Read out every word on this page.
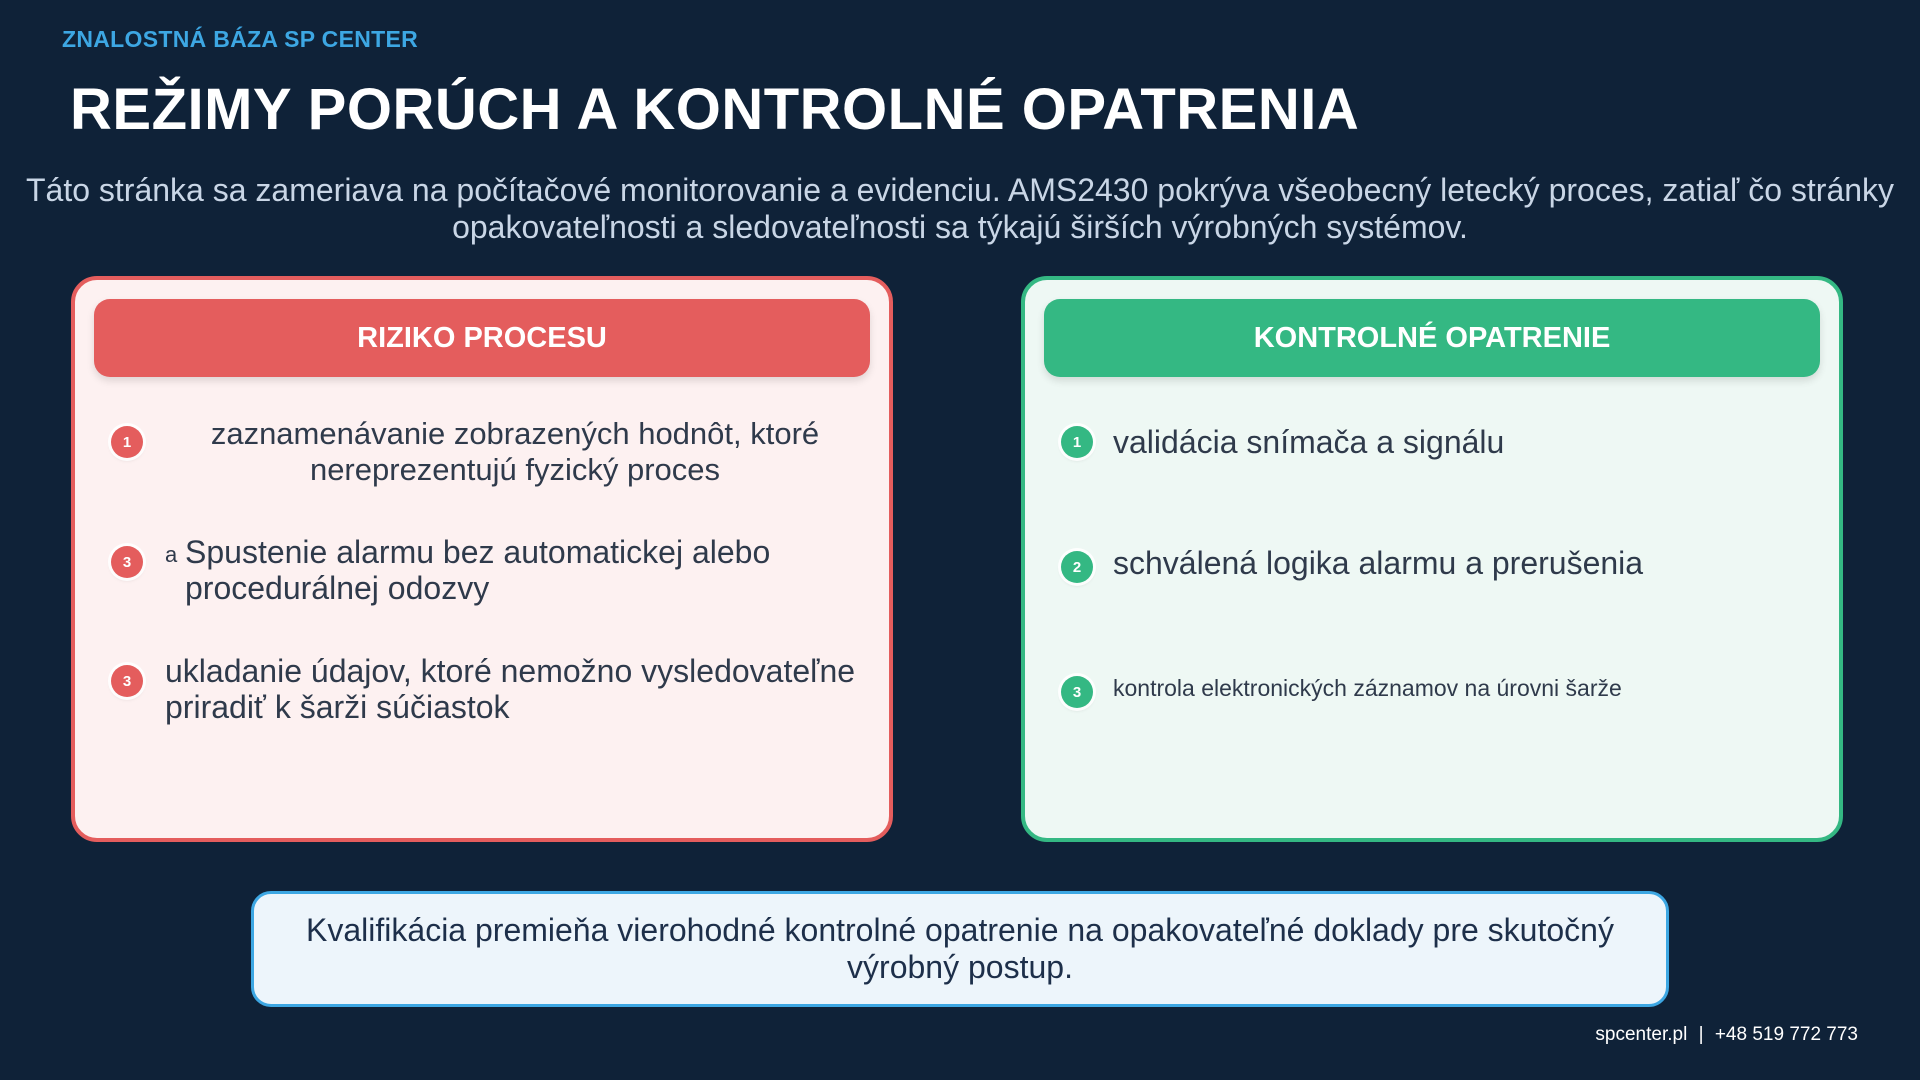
ZNALOSTNÁ BÁZA SP CENTER
REŽIMY PORÚCH A KONTROLNÉ OPATRENIA
Táto stránka sa zameriava na počítačové monitorovanie a evidenciu. AMS2430 pokrýva všeobecný letecký proces, zatiaľ čo stránky opakovateľnosti a sledovateľnosti sa týkajú širších výrobných systémov.
RIZIKO PROCESU
1	zaznamenávanie zobrazených hodnôt, ktoré nereprezentujú fyzický proces
3	a Spustenie alarmu bez automatickej alebo procedurálnej odozvy
3	ukladanie údajov, ktoré nemožno vysledovateľne priradiť k šarži súčiastok
KONTROLNÉ OPATRENIE
1 validácia snímača a signálu
2 schválená logika alarmu a prerušenia
3	kontrola elektronických záznamov na úrovni šarže
Kvalifikácia premieňa vierohodné kontrolné opatrenie na opakovateľné doklady pre skutočný výrobný postup.
spcenter.pl | +48 519 772 773
